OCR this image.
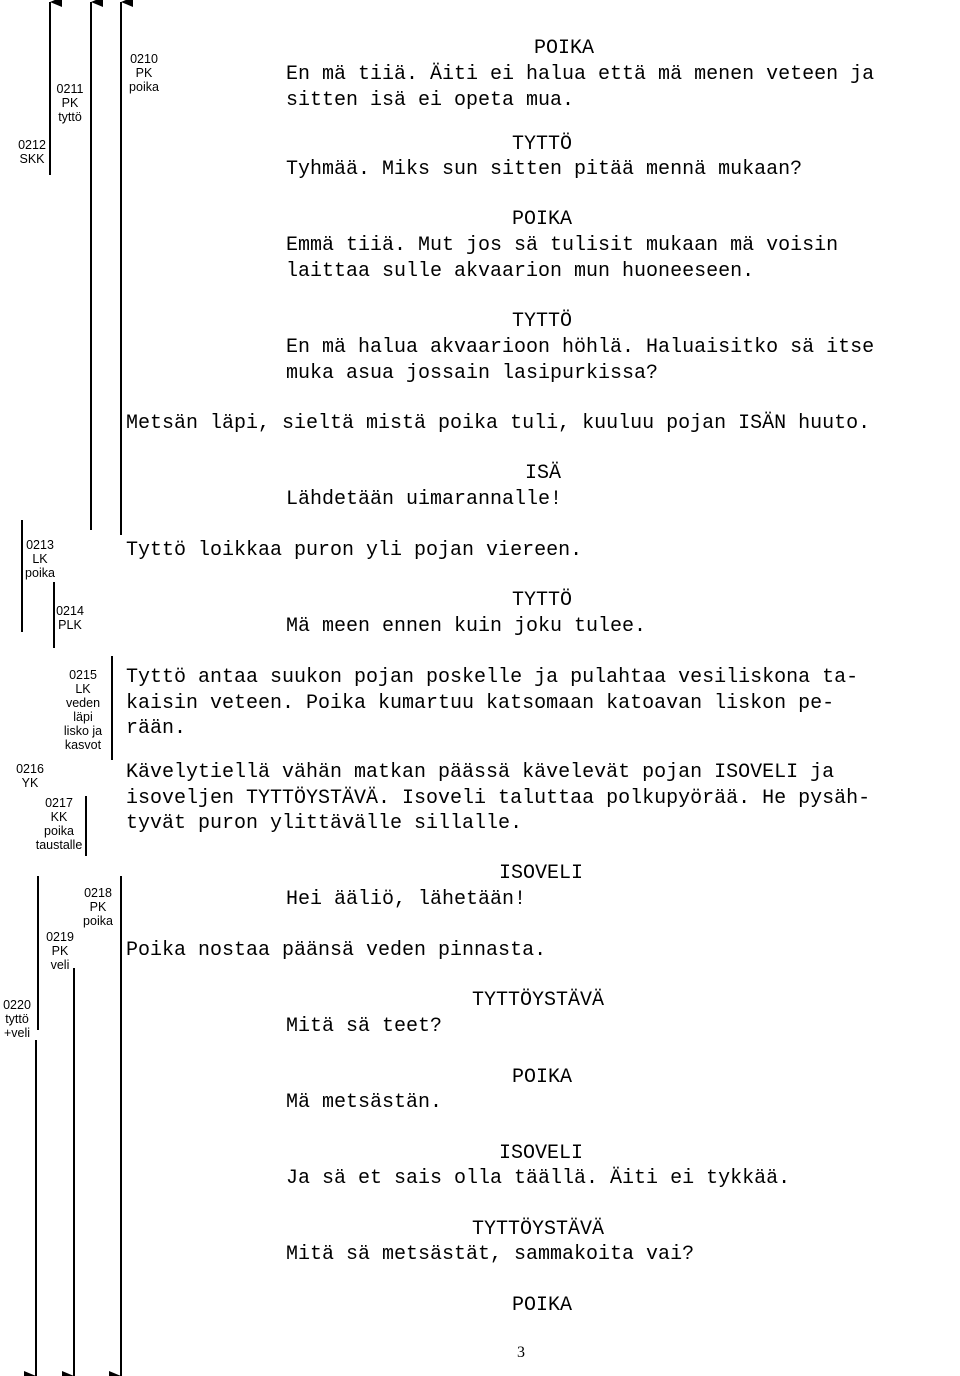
0210
PK
poika
0211
PK
tyttö
0212
SKK
0213
LK
poika
0214
PLK
0215
LK
veden
läpi
lisko ja
kasvot
0216
YK
0217
KK
poika
taustalle
0218
PK
poika
0219
PK
veli
0220
tyttö
+veli
POIKA
En mä tiiä. Äiti ei halua että mä menen veteen ja
sitten isä ei opeta mua.
TYTTÖ
Tyhmää. Miks sun sitten pitää mennä mukaan?
POIKA
Emmä tiiä. Mut jos sä tulisit mukaan mä voisin
laittaa sulle akvaarion mun huoneeseen.
TYTTÖ
En mä halua akvaarioon höhlä. Haluaisitko sä itse
muka asua jossain lasipurkissa?
Metsän läpi, sieltä mistä poika tuli, kuuluu pojan ISÄN huuto.
ISÄ
Lähdetään uimarannalle!
Tyttö loikkaa puron yli pojan viereen.
TYTTÖ
Mä meen ennen kuin joku tulee.
Tyttö antaa suukon pojan poskelle ja pulahtaa vesiliskona ta-
kaisin veteen. Poika kumartuu katsomaan katoavan liskon pe-
rään.
Kävelytiellä vähän matkan päässä kävelevät pojan ISOVELI ja
isoveljen TYTTÖYSTÄVÄ. Isoveli taluttaa polkupyörää. He pysäh-
tyvät puron ylittävälle sillalle.
ISOVELI
Hei ääliö, lähetään!
Poika nostaa päänsä veden pinnasta.
TYTTÖYSTÄVÄ
Mitä sä teet?
POIKA
Mä metsästän.
ISOVELI
Ja sä et sais olla täällä. Äiti ei tykkää.
TYTTÖYSTÄVÄ
Mitä sä metsästät, sammakoita vai?
POIKA
3
